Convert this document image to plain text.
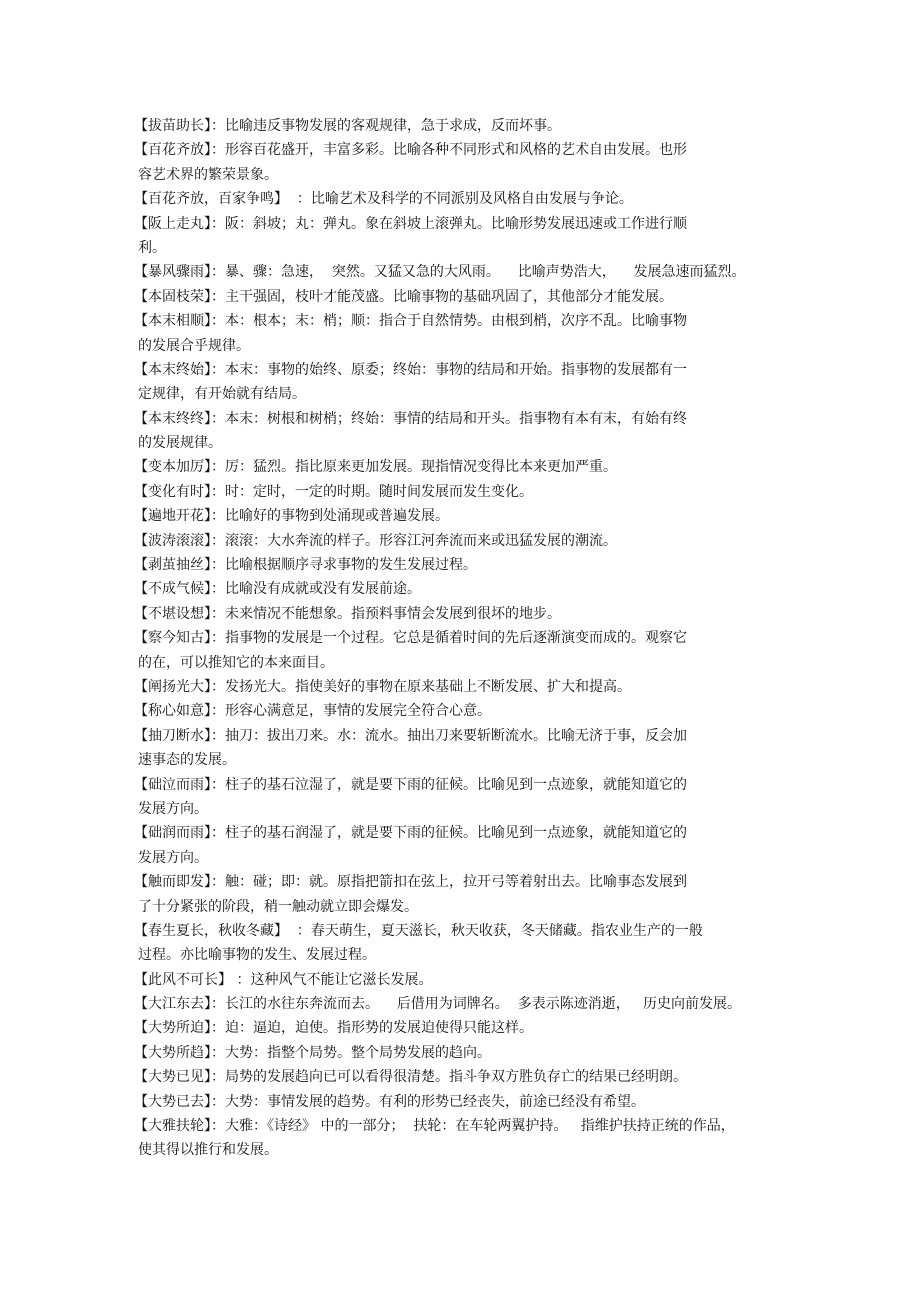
【拔苗助长】：比喻违反事物发展的客观规律，急于求成，反而坏事。
【百花齐放】：形容百花盛开，丰富多彩。比喻各种不同形式和风格的艺术自由发展。也形
容艺术界的繁荣景象。
【百花齐放，百家争鸣】  ：比喻艺术及科学的不同派别及风格自由发展与争论。
【阪上走丸】：阪：斜坡；丸：弹丸。象在斜坡上滚弹丸。比喻形势发展迅速或工作进行顺
利。
【暴风骤雨】：暴、骤：急速，  突然。又猛又急的大风雨。    比喻声势浩大，    发展急速而猛烈。
【本固枝荣】：主干强固，枝叶才能茂盛。比喻事物的基础巩固了，其他部分才能发展。
【本末相顺】：本：根本；末：梢；顺：指合于自然情势。由根到梢，次序不乱。比喻事物
的发展合乎规律。
【本末终始】：本末：事物的始终、原委；终始：事物的结局和开始。指事物的发展都有一
定规律，有开始就有结局。
【本末终终】：本末：树根和树梢；终始：事情的结局和开头。指事物有本有末，有始有终
的发展规律。
【变本加厉】：厉：猛烈。指比原来更加发展。现指情况变得比本来更加严重。
【变化有时】：时：定时，一定的时期。随时间发展而发生变化。
【遍地开花】：比喻好的事物到处涌现或普遍发展。
【波涛滚滚】：滚滚：大水奔流的样子。形容江河奔流而来或迅猛发展的潮流。
【剥茧抽丝】：比喻根据顺序寻求事物的发生发展过程。
【不成气候】：比喻没有成就或没有发展前途。
【不堪设想】：未来情况不能想象。指预料事情会发展到很坏的地步。
【察今知古】：指事物的发展是一个过程。它总是循着时间的先后逐渐演变而成的。观察它
的在，可以推知它的本来面目。
【阐扬光大】：发扬光大。指使美好的事物在原来基础上不断发展、扩大和提高。
【称心如意】：形容心满意足，事情的发展完全符合心意。
【抽刀断水】：抽刀：拔出刀来。水：流水。抽出刀来要斩断流水。比喻无济于事，反会加
速事态的发展。
【础泣而雨】：柱子的基石泣湿了，就是要下雨的征候。比喻见到一点迹象，就能知道它的
发展方向。
【础润而雨】：柱子的基石润湿了，就是要下雨的征候。比喻见到一点迹象，就能知道它的
发展方向。
【触而即发】：触：碰；即：就。原指把箭扣在弦上，拉开弓等着射出去。比喻事态发展到
了十分紧张的阶段，稍一触动就立即会爆发。
【春生夏长，秋收冬藏】  ：春天萌生，夏天滋长，秋天收获，冬天储藏。指农业生产的一般
过程。亦比喻事物的发生、发展过程。
【此风不可长】 ：这种风气不能让它滋长发展。
【大江东去】：长江的水往东奔流而去。    后借用为词牌名。  多表示陈迹消逝，   历史向前发展。
【大势所迫】：迫：逼迫，迫使。指形势的发展迫使得只能这样。
【大势所趋】：大势：指整个局势。整个局势发展的趋向。
【大势已见】：局势的发展趋向已可以看得很清楚。指斗争双方胜负存亡的结果已经明朗。
【大势已去】：大势：事情发展的趋势。有利的形势已经丧失，前途已经没有希望。
【大雅扶轮】：大雅：《诗经》 中的一部分；  扶轮：在车轮两翼护持。   指维护扶持正统的作品，
使其得以推行和发展。
